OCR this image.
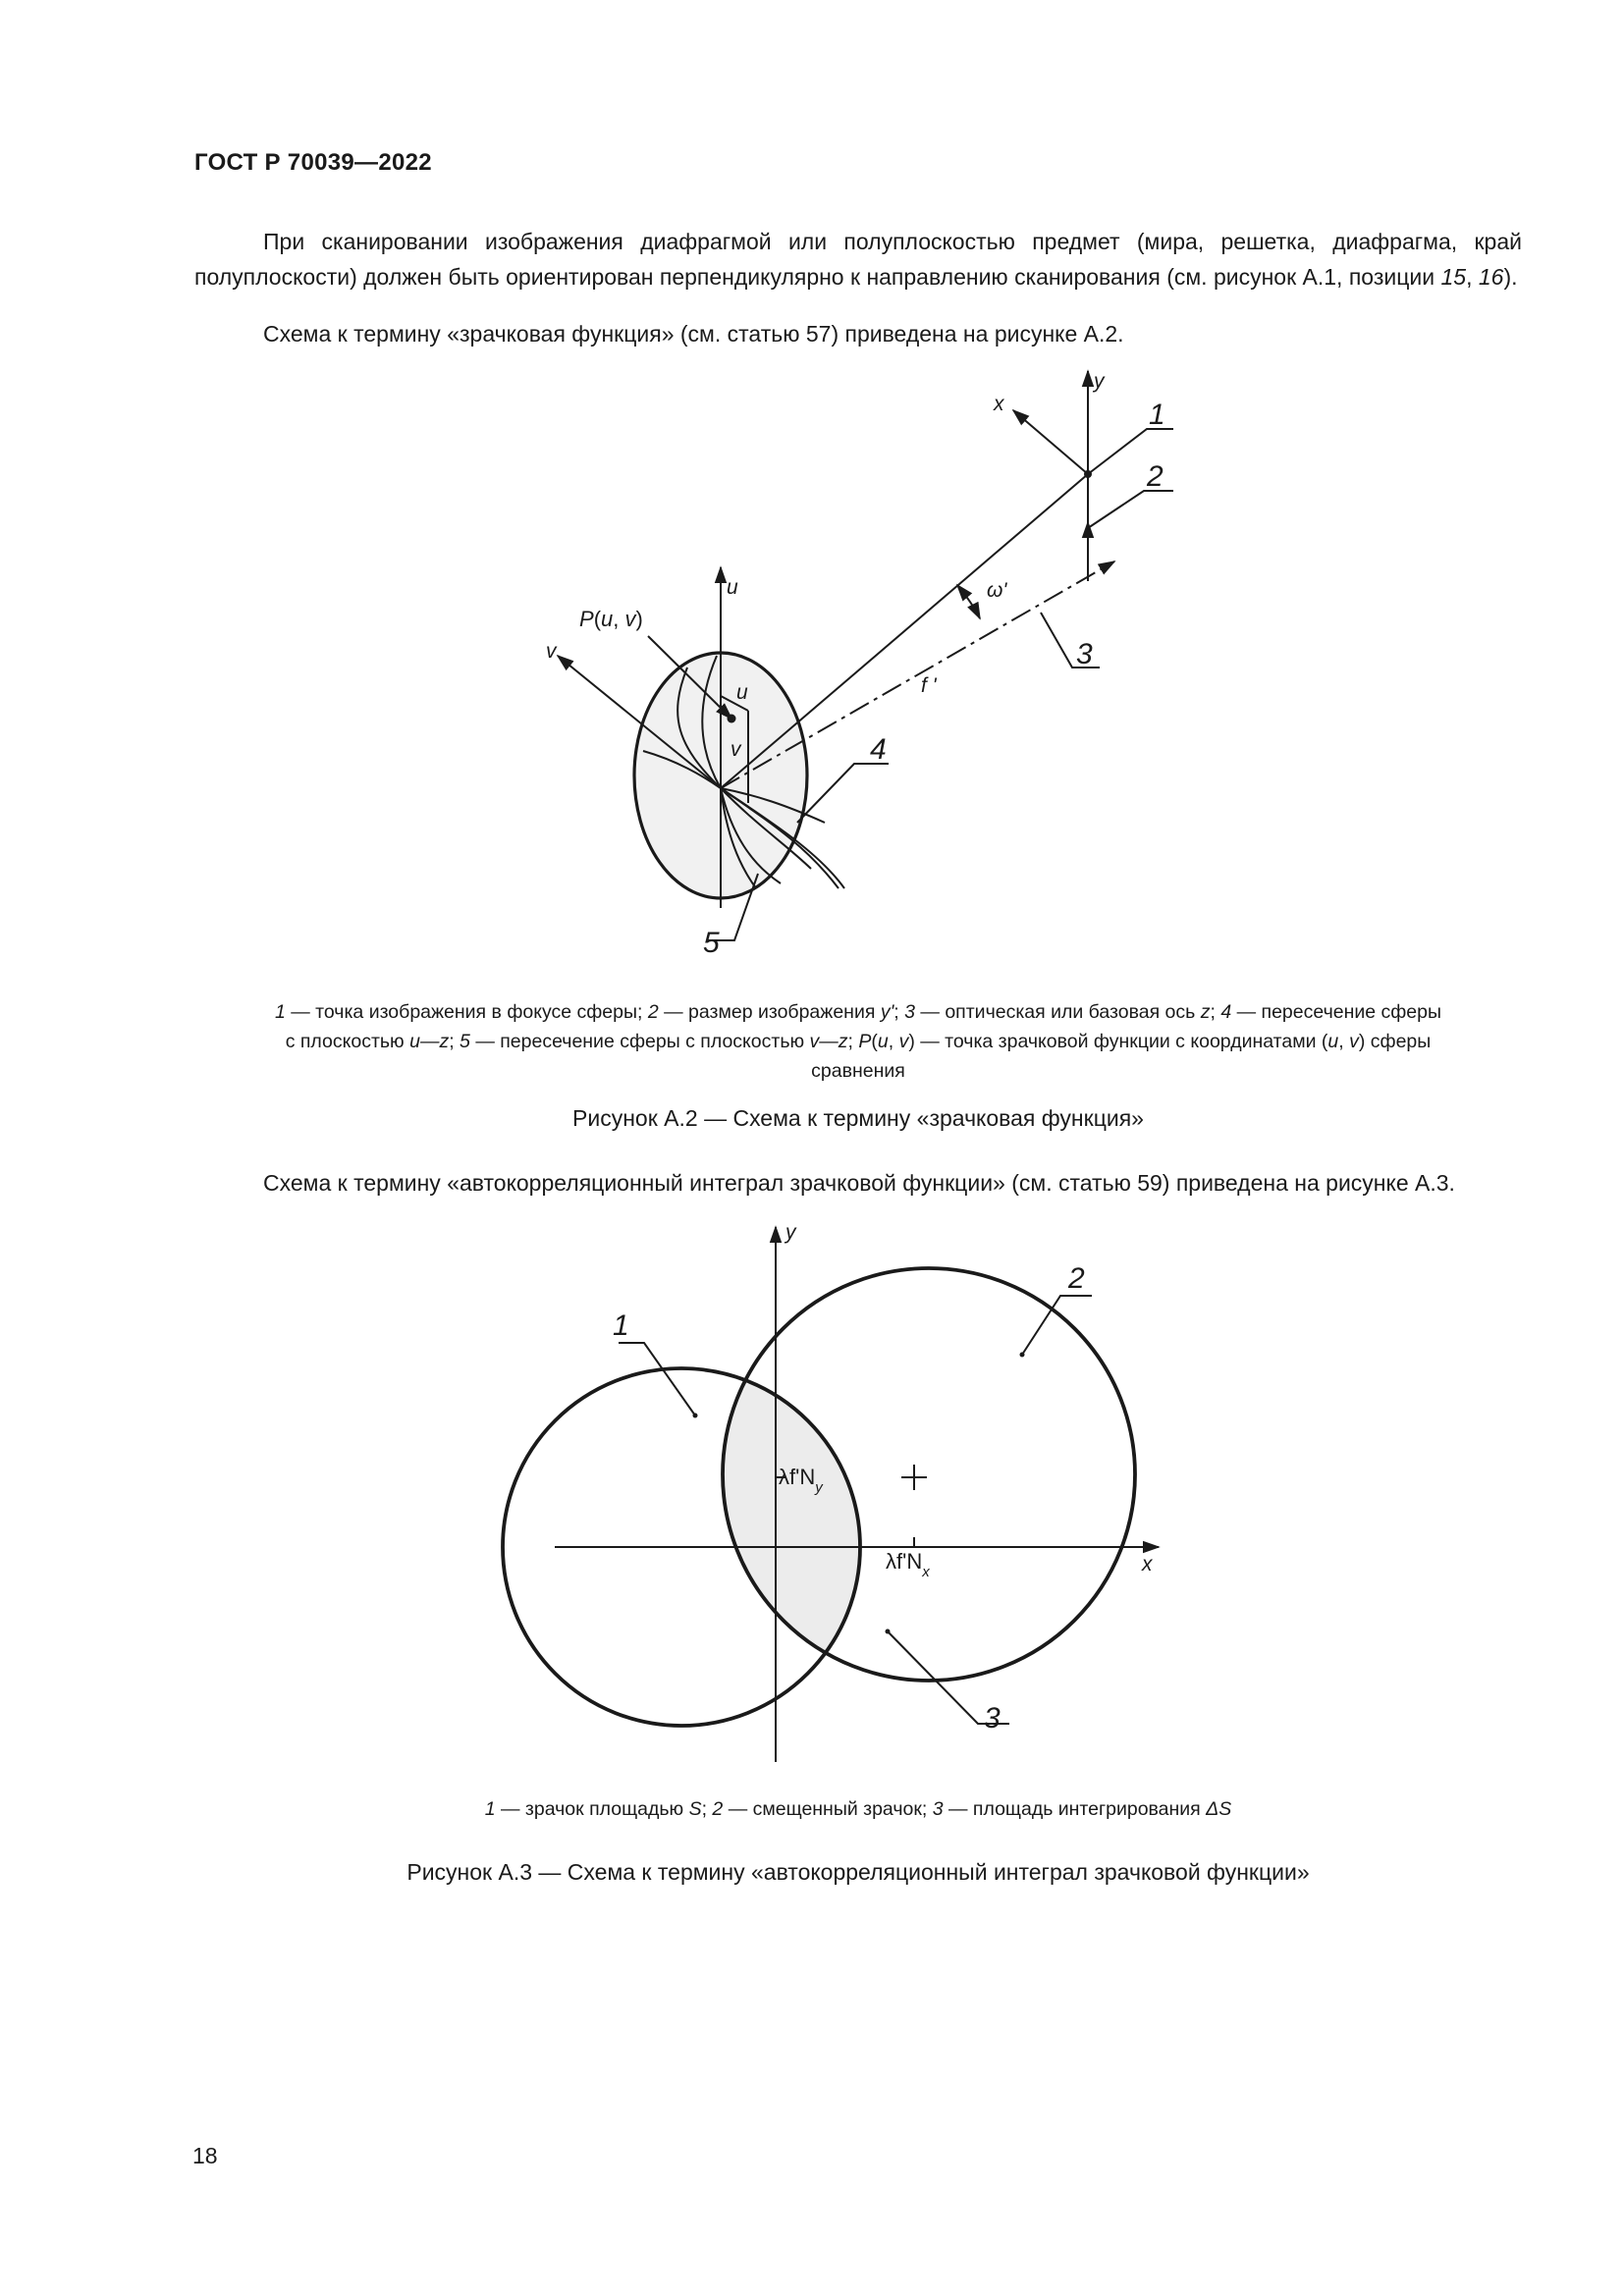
ГОСТ Р 70039—2022
При сканировании изображения диафрагмой или полуплоскостью предмет (мира, решетка, диафрагма, край полуплоскости) должен быть ориентирован перпендикулярно к направлению сканирования (см. рисунок А.1, позиции 15, 16).
Схема к термину «зрачковая функция» (см. статью 57) приведена на рисунке А.2.
y
x
u
v
P(u, v)
u
v
ω'
f '
1
2
3
4
5
1 — точка изображения в фокусе сферы; 2 — размер изображения y'; 3 — оптическая или базовая ось z; 4 — пересечение сферы
с плоскостью u—z; 5 — пересечение сферы с плоскостью v—z; P(u, v) — точка зрачковой функции с координатами (u, v) сферы
сравнения
Рисунок А.2 — Схема к термину «зрачковая функция»
Схема к термину «автокорреляционный интеграл зрачковой функции» (см. статью 59) приведена на рисунке А.3.
y
x
1
2
3
$\lambda f'N_y$
$\lambda f'N_x$
1 — зрачок площадью S; 2 — смещенный зрачок; 3 — площадь интегрирования ΔS
Рисунок А.3 — Схема к термину «автокорреляционный интеграл зрачковой функции»
18
